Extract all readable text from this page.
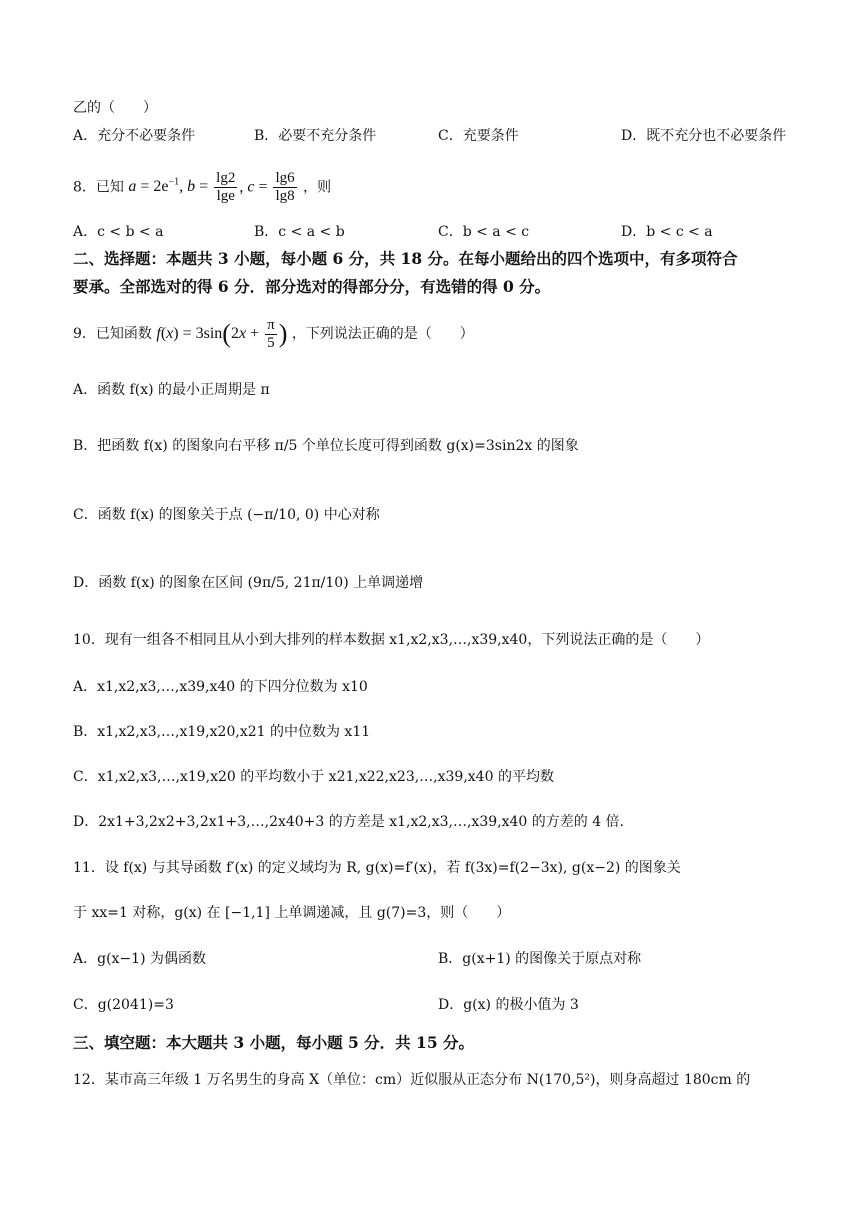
乙的（　　）
A．充分不必要条件	B．必要不充分条件	C．充要条件	D．既不充分也不必要条件
8．已知 $a = 2e^{-1}$, $b = \frac{\lg 2}{\lg e}$ , $c = \frac{\lg 6}{\lg 8}$ ，则
A．c < b < a	B．c < a < b	C．b < a < c	D．b < c < a
二、选择题：本题共 3 小题，每小题 6 分，共 18 分。在每小题给出的四个选项中，有多项符合
要承。全部选对的得 6 分．部分选对的得部分分，有选错的得 0 分。
9．已知函数 $f(x) = 3\sin(2x + \frac{\pi}{5}$ ) ，下列说法正确的是（　　）
A．函数 f(x) 的最小正周期是 π
B．把函数 f(x) 的图象向右平移 π/5 个单位长度可得到函数 g(x)=3sin2x 的图象
C．函数 f(x) 的图象关于点 (−π/10, 0) 中心对称
D．函数 f(x) 的图象在区间 (9π/5, 21π/10) 上单调递增
10．现有一组各不相同且从小到大排列的样本数据 x1,x2,x3,…,x39,x40，下列说法正确的是（　　）
A．x1,x2,x3,…,x39,x40 的下四分位数为 x10
B．x1,x2,x3,…,x19,x20,x21 的中位数为 x11
C．x1,x2,x3,…,x19,x20 的平均数小于 x21,x22,x23,…,x39,x40 的平均数
D．2x1+3,2x2+3,2x1+3,…,2x40+3 的方差是 x1,x2,x3,…,x39,x40 的方差的 4 倍.
11．设 f(x) 与其导函数 f′(x) 的定义域均为 R, g(x)=f′(x)，若 f(3x)=f(2−3x), g(x−2) 的图象关
于 xx=1 对称，g(x) 在 [−1,1] 上单调递减，且 g(7)=3，则（　　）
A．g(x−1) 为偶函数	B．g(x+1) 的图像关于原点对称
C．g(2041)=3	D．g(x) 的极小值为 3
三、填空题：本大题共 3 小题，每小题 5 分．共 15 分。
12．某市高三年级 1 万名男生的身高 X（单位：cm）近似服从正态分布 N(170,5²)，则身高超过 180cm 的
